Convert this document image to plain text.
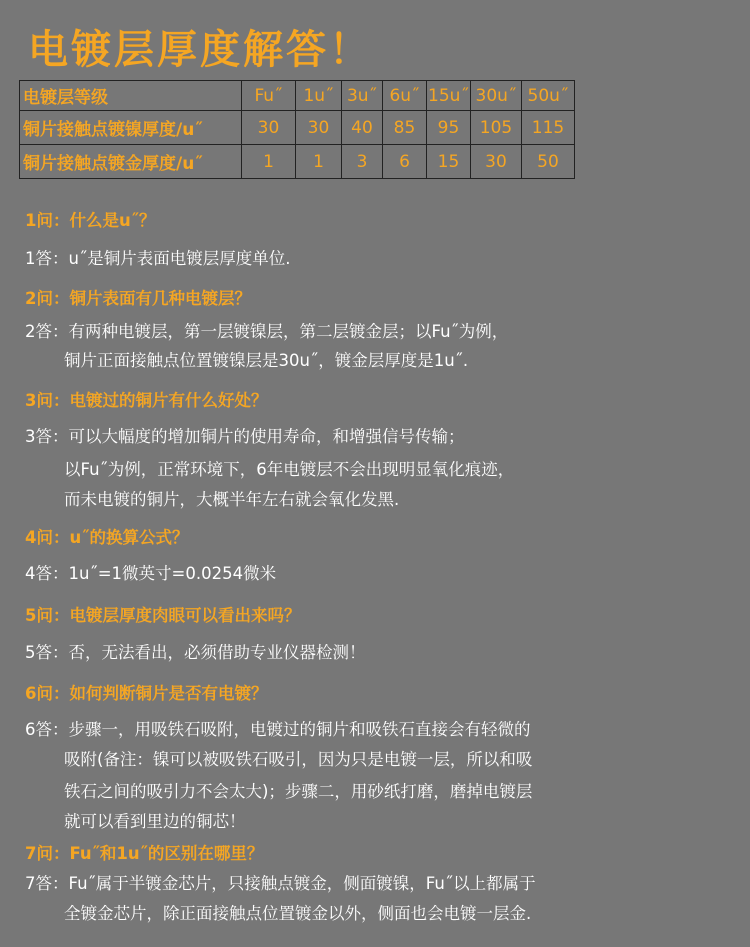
电镀层厚度解答！
电镀层等级	Fu˝	1u˝	3u˝	6u˝	15u˝	30u˝	50u˝
铜片接触点镀镍厚度/u˝	30	30	40	85	95	105	115
铜片接触点镀金厚度/u˝	1	1	3	6	15	30	50
1问：什么是u˝？
1答：u˝是铜片表面电镀层厚度单位.
2问：铜片表面有几种电镀层？
2答：有两种电镀层，第一层镀镍层，第二层镀金层；以Fu˝为例，
铜片正面接触点位置镀镍层是30u˝，镀金层厚度是1u˝.
3问：电镀过的铜片有什么好处？
3答：可以大幅度的增加铜片的使用寿命，和增强信号传输；
以Fu˝为例，正常环境下，6年电镀层不会出现明显氧化痕迹，
而未电镀的铜片，大概半年左右就会氧化发黑.
4问：u˝的换算公式？
4答：1u˝=1微英寸=0.0254微米
5问：电镀层厚度肉眼可以看出来吗？
5答：否，无法看出，必须借助专业仪器检测！
6问：如何判断铜片是否有电镀？
6答：步骤一，用吸铁石吸附，电镀过的铜片和吸铁石直接会有轻微的
吸附(备注：镍可以被吸铁石吸引，因为只是电镀一层，所以和吸
铁石之间的吸引力不会太大)；步骤二，用砂纸打磨，磨掉电镀层
就可以看到里边的铜芯！
7问：Fu˝和1u˝的区别在哪里？
7答：Fu˝属于半镀金芯片，只接触点镀金，侧面镀镍，Fu˝以上都属于
全镀金芯片，除正面接触点位置镀金以外，侧面也会电镀一层金.
